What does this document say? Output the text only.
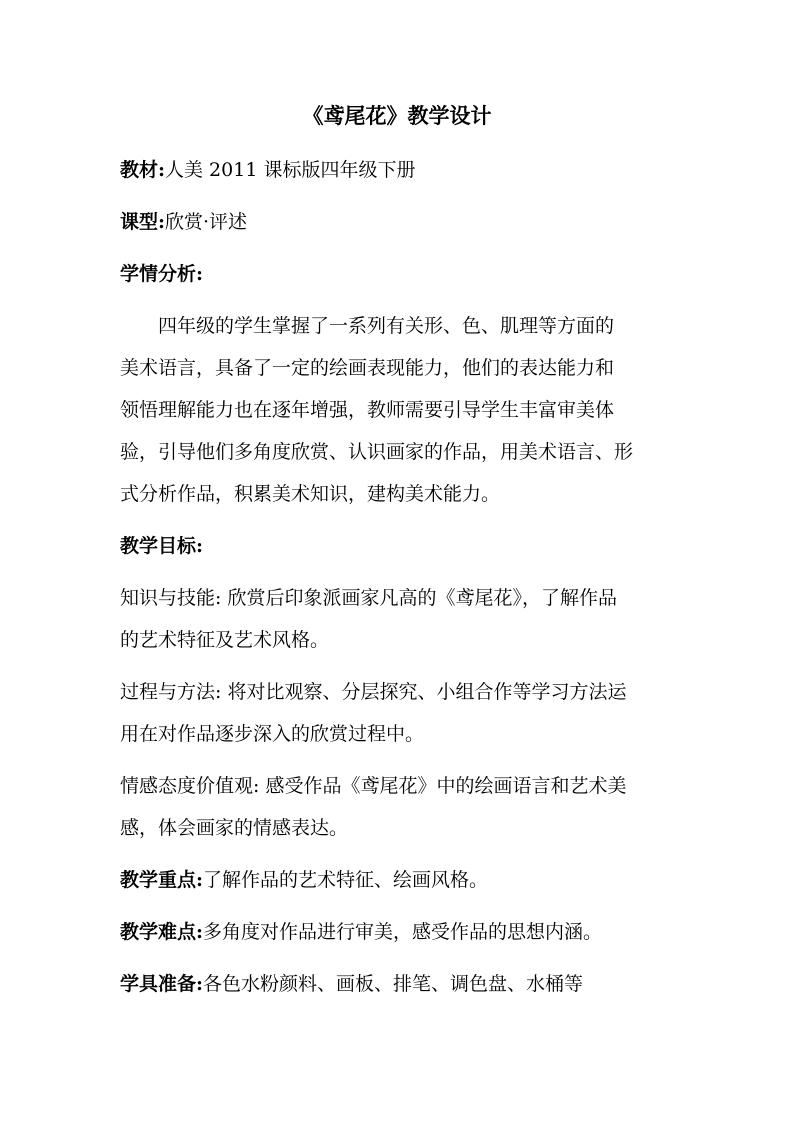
《鸢尾花》教学设计
教材:人美 2011 课标版四年级下册
课型:欣赏·评述
学情分析:
四年级的学生掌握了一系列有关形、色、肌理等方面的
美术语言，具备了一定的绘画表现能力，他们的表达能力和
领悟理解能力也在逐年增强，教师需要引导学生丰富审美体
验，引导他们多角度欣赏、认识画家的作品，用美术语言、形
式分析作品，积累美术知识，建构美术能力。
教学目标:
知识与技能: 欣赏后印象派画家凡高的《鸢尾花》，了解作品
的艺术特征及艺术风格。
过程与方法: 将对比观察、分层探究、小组合作等学习方法运
用在对作品逐步深入的欣赏过程中。
情感态度价值观: 感受作品《鸢尾花》中的绘画语言和艺术美
感，体会画家的情感表达。
教学重点:了解作品的艺术特征、绘画风格。
教学难点:多角度对作品进行审美，感受作品的思想内涵。
学具准备:各色水粉颜料、画板、排笔、调色盘、水桶等
